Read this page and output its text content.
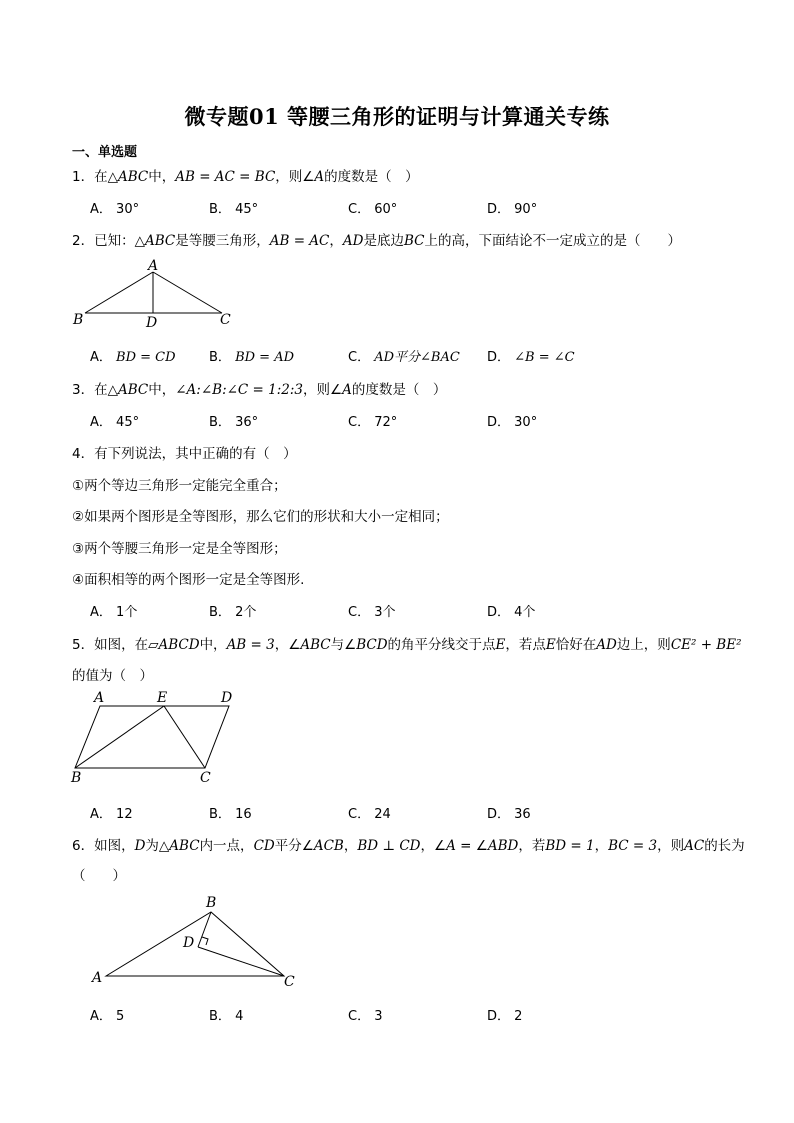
微专题01 等腰三角形的证明与计算通关专练
一、单选题
1．在△ABC中，AB = AC = BC，则∠A的度数是（　）
A． 30°	B． 45°	C． 60°	D． 90°
2．已知：△ABC是等腰三角形，AB = AC，AD是底边BC上的高，下面结论不一定成立的是（　　）
A
B	D	C
A． BD = CD	B． BD = AD	C． AD平分∠BAC D． ∠B = ∠C
3．在△ABC中，∠A:∠B:∠C = 1:2:3，则∠A的度数是（　）
A． 45°	B． 36°	C． 72°	D． 30°
4．有下列说法，其中正确的有（　）
①两个等边三角形一定能完全重合；
②如果两个图形是全等图形，那么它们的形状和大小一定相同；
③两个等腰三角形一定是全等图形；
④面积相等的两个图形一定是全等图形.
A． 1个	B． 2个	C． 3个	D． 4个
5．如图，在▱ABCD中，AB = 3，∠ABC与∠BCD的角平分线交于点E，若点E恰好在AD边上，则CE² + BE²
的值为（　）
A	E	D
B	C
A． 12	B． 16	C． 24	D． 36
6．如图，D为△ABC内一点，CD平分∠ACB，BD ⊥ CD，∠A = ∠ABD，若BD = 1，BC = 3，则AC的长为
（　　）
B
D
A	C
A． 5	B． 4	C． 3	D． 2
